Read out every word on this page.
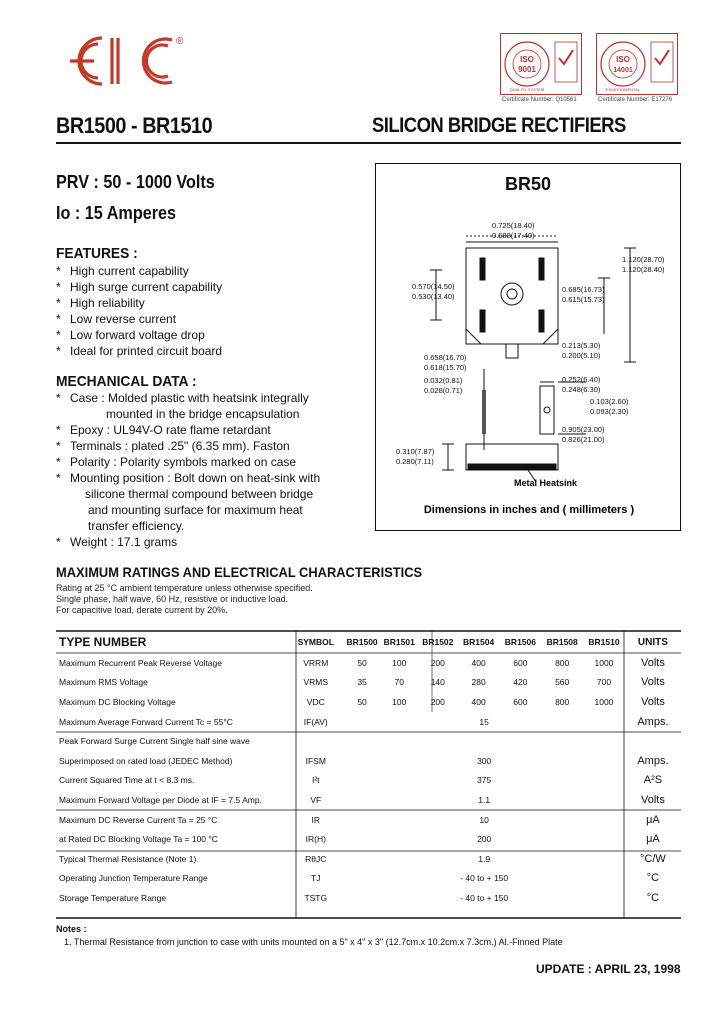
®
EIC
ISO
9001
QUALITY SYSTEM
ISO
14001
ENVIRONMENTAL
Certificate Number: Q10561	Certificate Number: E17276
BR1500 - BR1510	SILICON BRIDGE RECTIFIERS
PRV : 50 - 1000 Volts
Io : 15 Amperes
FEATURES :
* High current capability
* High surge current capability
* High reliability
* Low reverse current
* Low forward voltage drop
* Ideal for printed circuit board
MECHANICAL DATA :
* Case : Molded plastic with heatsink integrally
mounted in the bridge encapsulation
* Epoxy : UL94V-O rate flame retardant
* Terminals : plated .25" (6.35 mm). Faston
* Polarity : Polarity symbols marked on case
* Mounting position : Bolt down on heat-sink with
silicone thermal compound between bridge
and mounting surface for maximum heat
transfer efficiency.
* Weight : 17.1 grams
BR50
0.725(18.40)
0.688(17.40)
0.570(14.50)
0.530(13.40)
0.685(16.73)
0.615(15.73)
1.120(28.70)
1.120(28.40)
0.213(5.30)
0.200(5.10)
0.658(16.70)
0.618(15.70)
0.032(0.81)
0.028(0.71)
0.252(6.40)
0.248(6.30)
0.103(2.60)
0.093(2.30)
0.905(23.00)
0.826(21.00)
0.310(7.87)
0.280(7.11)
Metal Heatsink
Dimensions in inches and ( millimeters )
MAXIMUM RATINGS AND ELECTRICAL CHARACTERISTICS
Rating at 25 °C ambient temperature unless otherwise specified.
Single phase, half wave, 60 Hz, resistive or inductive load.
For capacitive load, derate current by 20%.
TYPE NUMBER	SYMBOL	BR1500	BR1501	BR1502	BR1504	BR1506	BR1508	BR1510	UNITS
Maximum Recurrent Peak Reverse Voltage	VRRM	50	100	200	400	600	800	1000	Volts
Maximum RMS Voltage	VRMS	35	70	140	280	420	560	700	Volts
Maximum DC Blocking Voltage	VDC	50	100	200	400	600	800	1000	Volts
Maximum Average Forward Current Tc = 55°C	IF(AV)	15							Amps.
Peak Forward Surge Current Single half sine wave									
Superimposed on rated load (JEDEC Method)	IFSM	300							Amps.
Current Squared Time at t < 8.3 ms.	I²t	375							A²S
Maximum Forward Voltage per Diode at IF = 7.5 Amp.	VF	1.1							Volts
Maximum DC Reverse Current Ta = 25 °C	IR	10							μA
at Rated DC Blocking Voltage Ta = 100 °C	IR(H)	200							μA
Typical Thermal Resistance (Note 1)	RθJC	1.9							°C/W
Operating Junction Temperature Range	TJ	- 40 to + 150							°C
Storage Temperature Range	TSTG	- 40 to + 150							°C
Notes :
1. Thermal Resistance from junction to case with units mounted on a 5" x 4" x 3" (12.7cm.x 10.2cm.x 7.3cm.) Al.-Finned Plate
UPDATE : APRIL 23, 1998
